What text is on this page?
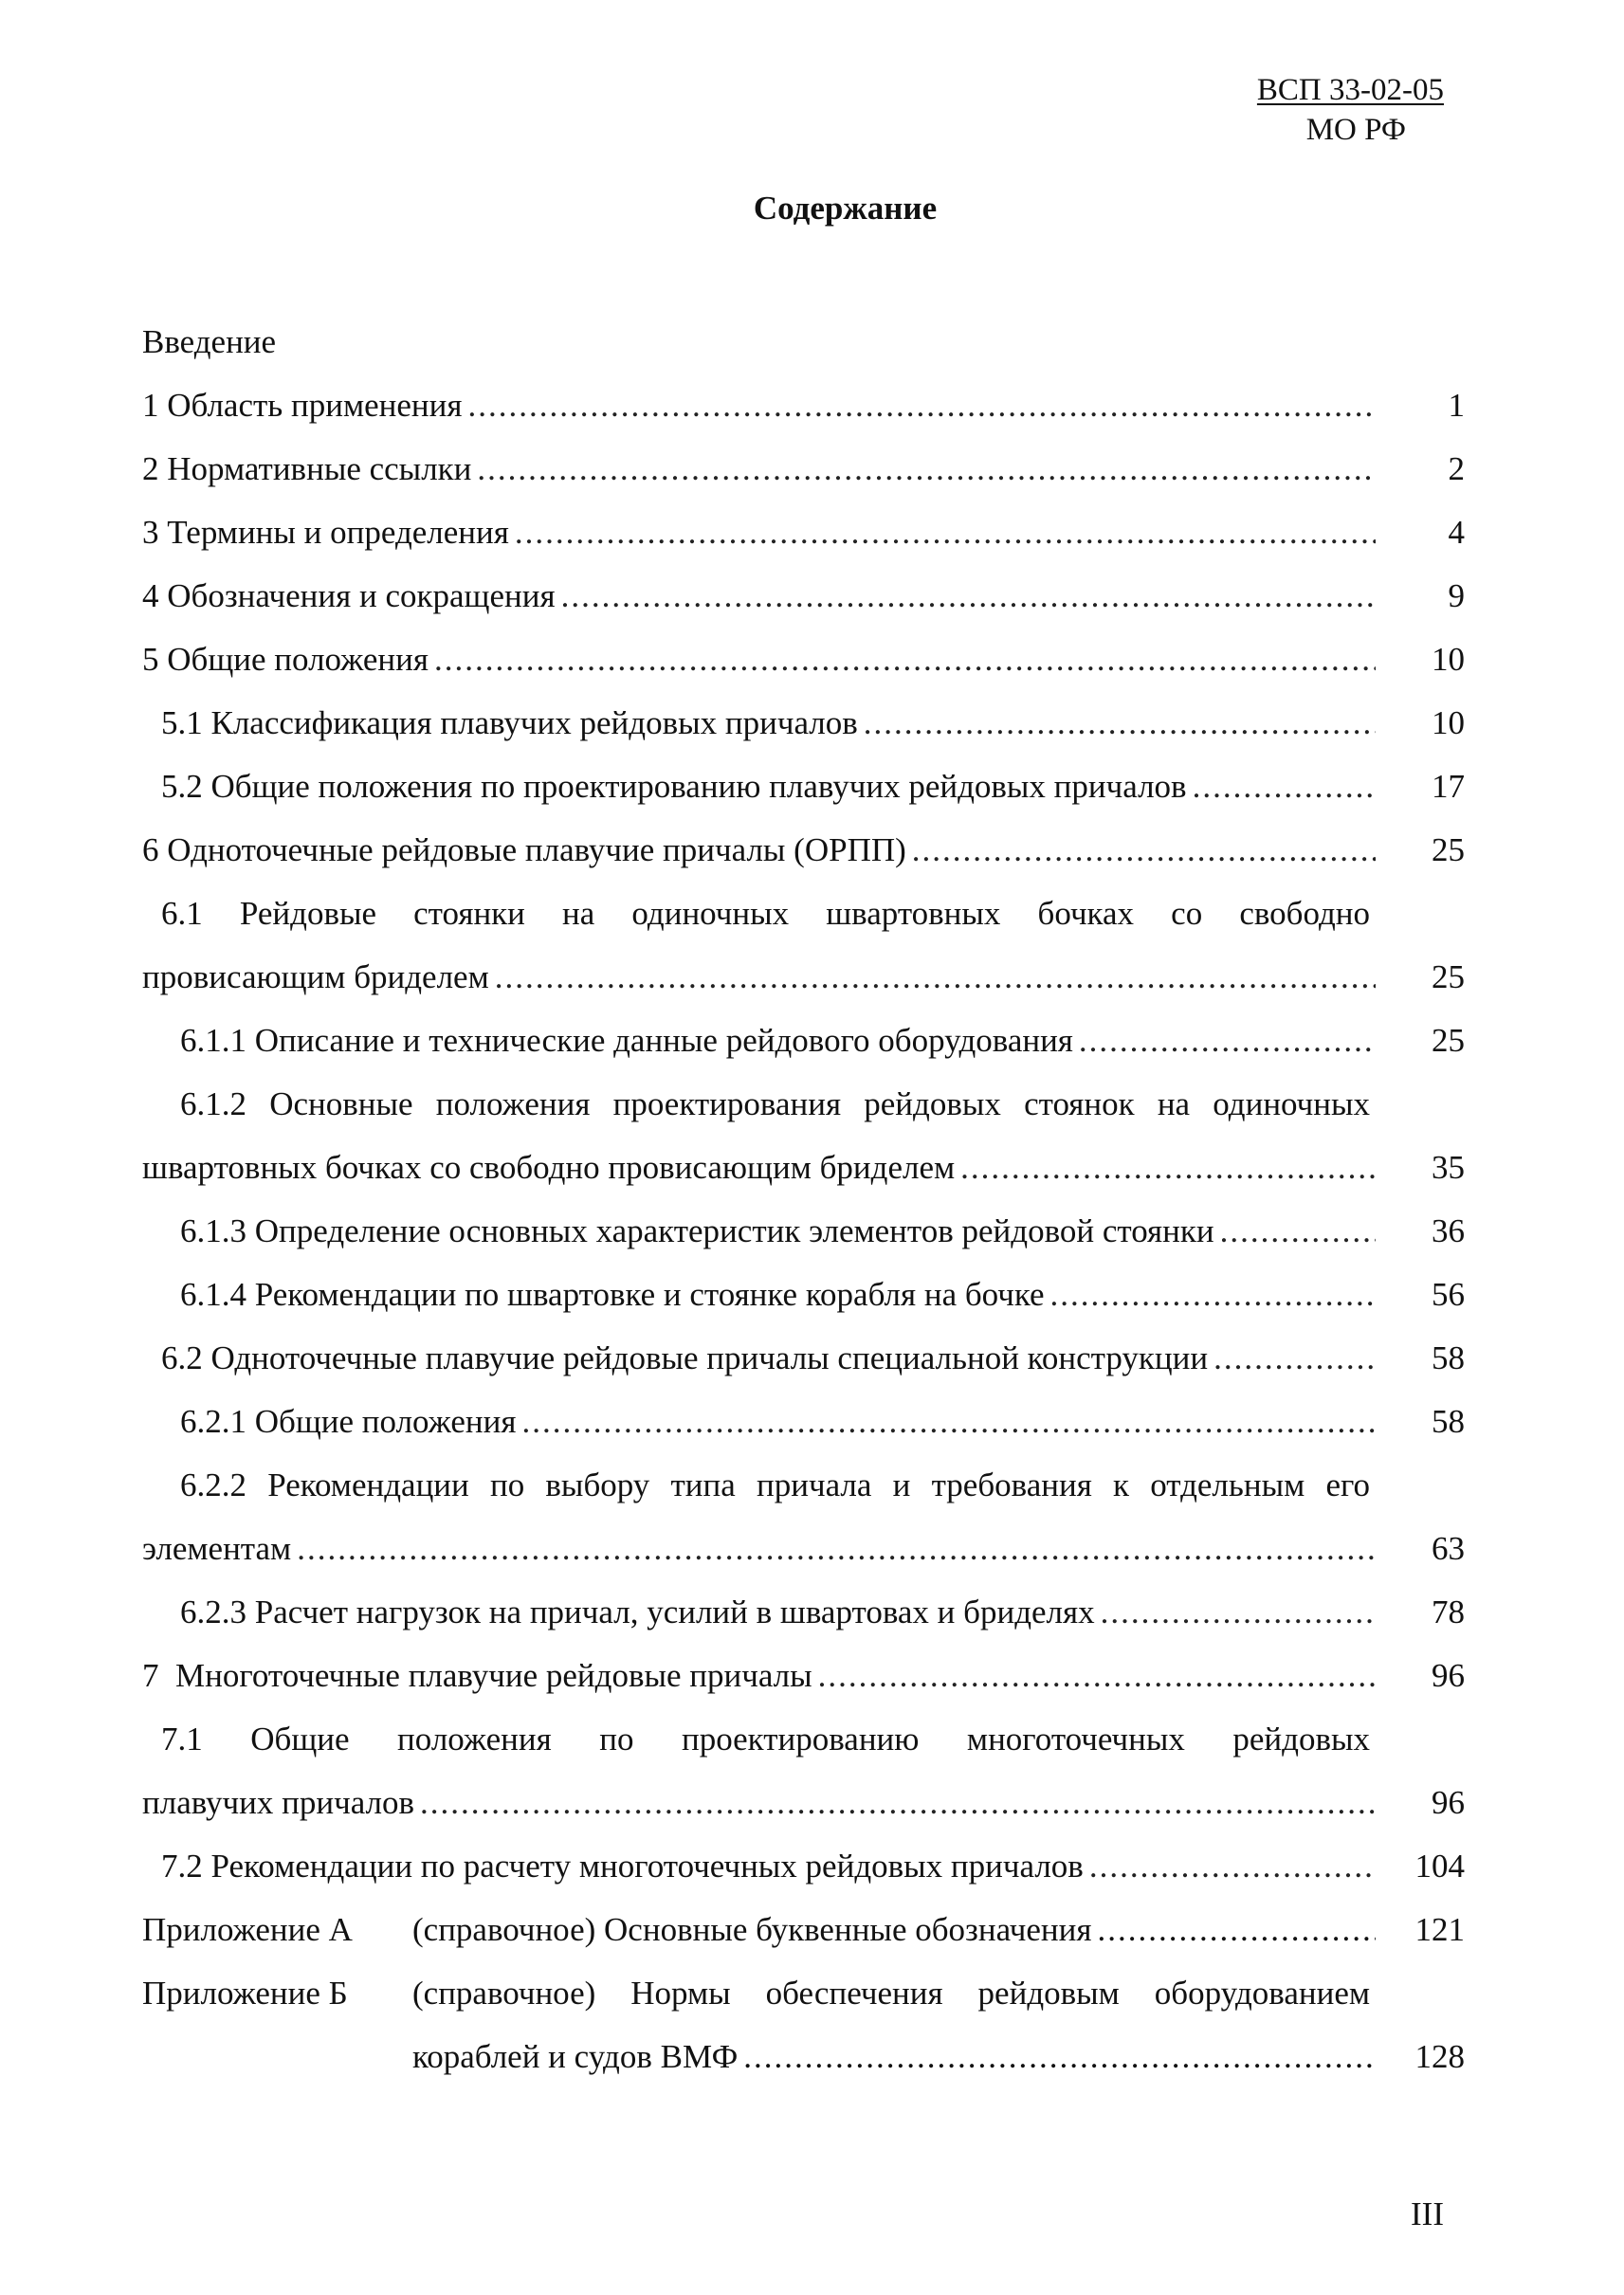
ВСП 33-02-05
МО РФ
Содержание
Введение
1 Область применения .....	1
2 Нормативные ссылки .....	2
3 Термины и определения .....	4
4 Обозначения и сокращения .....	9
5 Общие положения .....	10
5.1 Классификация плавучих рейдовых причалов .....	10
5.2 Общие положения по проектированию плавучих рейдовых причалов .....	17
6 Одноточечные рейдовые плавучие причалы (ОРПП) .....	25
6.1 Рейдовые стоянки на одиночных швартовных бочках со свободно
провисающим бриделем .....	25
6.1.1 Описание и технические данные рейдового оборудования .....	25
6.1.2 Основные положения проектирования рейдовых стоянок на одиночных
швартовных бочках со свободно провисающим бриделем .....	35
6.1.3 Определение основных характеристик элементов рейдовой стоянки .....	36
6.1.4 Рекомендации по швартовке и стоянке корабля на бочке .....	56
6.2 Одноточечные плавучие рейдовые причалы специальной конструкции .....	58
6.2.1 Общие положения .....	58
6.2.2 Рекомендации по выбору типа причала и требования к отдельным его
элементам .....	63
6.2.3 Расчет нагрузок на причал, усилий в швартовах и бриделях .....	78
7  Многоточечные плавучие рейдовые причалы .....	96
7.1 Общие положения по проектированию многоточечных рейдовых
плавучих причалов .....	96
7.2 Рекомендации по расчету многоточечных рейдовых причалов .....	104
Приложение А	(справочное) Основные буквенные обозначения .....	121
Приложение Б	(справочное) Нормы обеспечения рейдовым оборудованием
кораблей и судов ВМФ .....	128
III
